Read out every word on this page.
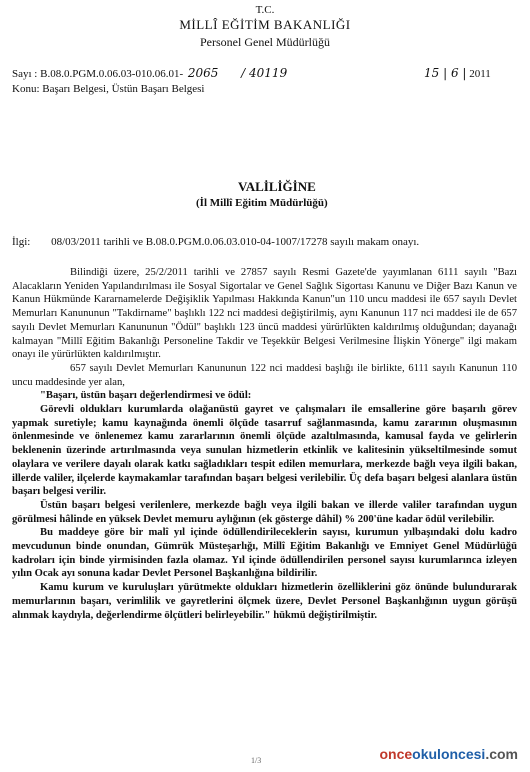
T.C.
MİLLÎ EĞİTİM BAKANLIĞI
Personel Genel Müdürlüğü
Sayı : B.08.0.PGM.0.06.03-010.06.01- 2065 / 40119	15 | 6 | 2011
Konu: Başarı Belgesi, Üstün Başarı Belgesi
VALİLİĞİNE
(İl Millî Eğitim Müdürlüğü)
İlgi: 08/03/2011 tarihli ve B.08.0.PGM.0.06.03.010-04-1007/17278 sayılı makam onayı.

Bilindiği üzere, 25/2/2011 tarihli ve 27857 sayılı Resmi Gazete'de yayımlanan 6111 sayılı "Bazı Alacakların Yeniden Yapılandırılması ile Sosyal Sigortalar ve Genel Sağlık Sigortası Kanunu ve Diğer Bazı Kanun ve Kanun Hükmünde Kararnamelerde Değişiklik Yapılması Hakkında Kanun"un 110 uncu maddesi ile 657 sayılı Devlet Memurları Kanununun "Takdirname" başlıklı 122 nci maddesi değiştirilmiş, aynı Kanunun 117 nci maddesi ile de 657 sayılı Devlet Memurları Kanununun "Ödül" başlıklı 123 üncü maddesi yürürlükten kaldırılmış olduğundan; dayanağı kalmayan "Millî Eğitim Bakanlığı Personeline Takdir ve Teşekkür Belgesi Verilmesine İlişkin Yönerge" ilgi makam onayı ile yürürlükten kaldırılmıştır.

657 sayılı Devlet Memurları Kanununun 122 nci maddesi başlığı ile birlikte, 6111 sayılı Kanunun 110 uncu maddesinde yer alan,

"Başarı, üstün başarı değerlendirmesi ve ödül:

Görevli oldukları kurumlarda olağanüstü gayret ve çalışmaları ile emsallerine göre başarılı görev yapmak suretiyle; kamu kaynağında önemli ölçüde tasarruf sağlanmasında, kamu zararının oluşmasının önlenmesinde ve önlenemez kamu zararlarının önemli ölçüde azaltılmasında, kamusal fayda ve gelirlerin beklenenin üzerinde artırılmasında veya sunulan hizmetlerin etkinlik ve kalitesinin yükseltilmesinde somut olaylara ve verilere dayalı olarak katkı sağladıkları tespit edilen memurlara, merkezde bağlı veya ilgili bakan, illerde valiler, ilçelerde kaymakamlar tarafından başarı belgesi verilebilir. Üç defa başarı belgesi alanlara üstün başarı belgesi verilir.

Üstün başarı belgesi verilenlere, merkezde bağlı veya ilgili bakan ve illerde valiler tarafından uygun görülmesi hâlinde en yüksek Devlet memuru aylığının (ek gösterge dâhil) % 200'üne kadar ödül verilebilir.

Bu maddeye göre bir malî yıl içinde ödüllendirileceklerin sayısı, kurumun yılbaşındaki dolu kadro mevcudunun binde onundan, Gümrük Müsteşarlığı, Millî Eğitim Bakanlığı ve Emniyet Genel Müdürlüğü kadroları için binde yirmisinden fazla olamaz. Yıl içinde ödüllendirilen personel sayısı kurumlarınca izleyen yılın Ocak ayı sonuna kadar Devlet Personel Başkanlığına bildirilir.

Kamu kurum ve kuruluşları yürütmekte oldukları hizmetlerin özelliklerini göz önünde bulundurarak memurlarının başarı, verimlilik ve gayretlerini ölçmek üzere, Devlet Personel Başkanlığının uygun görüşü alınmak kaydıyla, değerlendirme ölçütleri belirleyebilir." hükmü değiştirilmiştir.

1/3	onceokuloncesi.com
